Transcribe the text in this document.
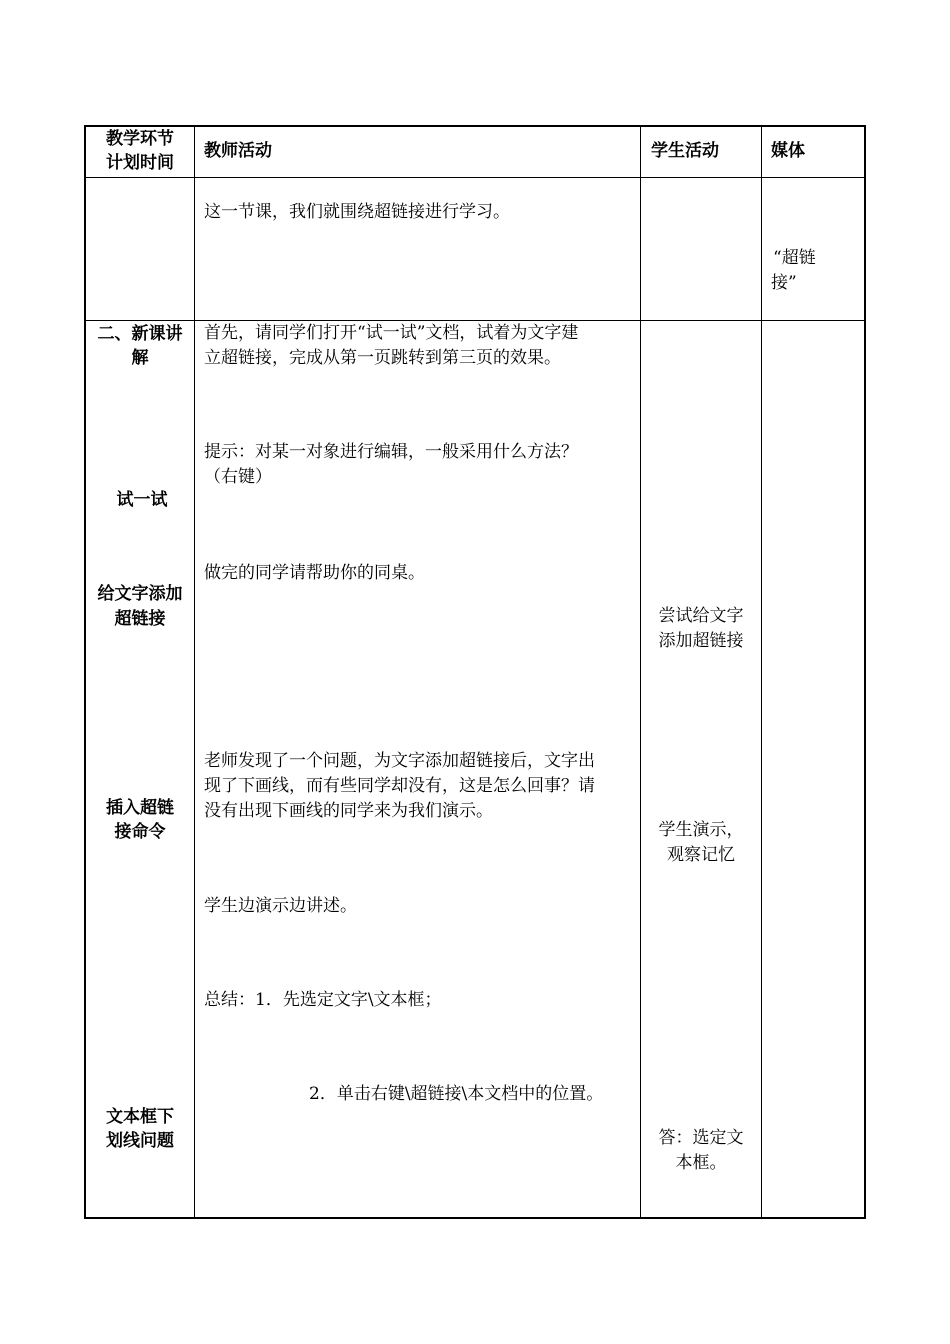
教学环节
计划时间
教师活动	学生活动	媒体
这一节课，我们就围绕超链接进行学习。
“超链
接”
二、新课讲
解
试一试
给文字添加
超链接
插入超链
接命令
文本框下
划线问题
首先，请同学们打开“试一试”文档，试着为文字建
立超链接，完成从第一页跳转到第三页的效果。
提示：对某一对象进行编辑，一般采用什么方法？
（右键）
做完的同学请帮助你的同桌。
老师发现了一个问题，为文字添加超链接后，文字出
现了下画线，而有些同学却没有，这是怎么回事？请
没有出现下画线的同学来为我们演示。
学生边演示边讲述。
总结：1．先选定文字\文本框；
2．单击右键\超链接\本文档中的位置。
尝试给文字
添加超链接
学生演示，
观察记忆
答：选定文
本框。
